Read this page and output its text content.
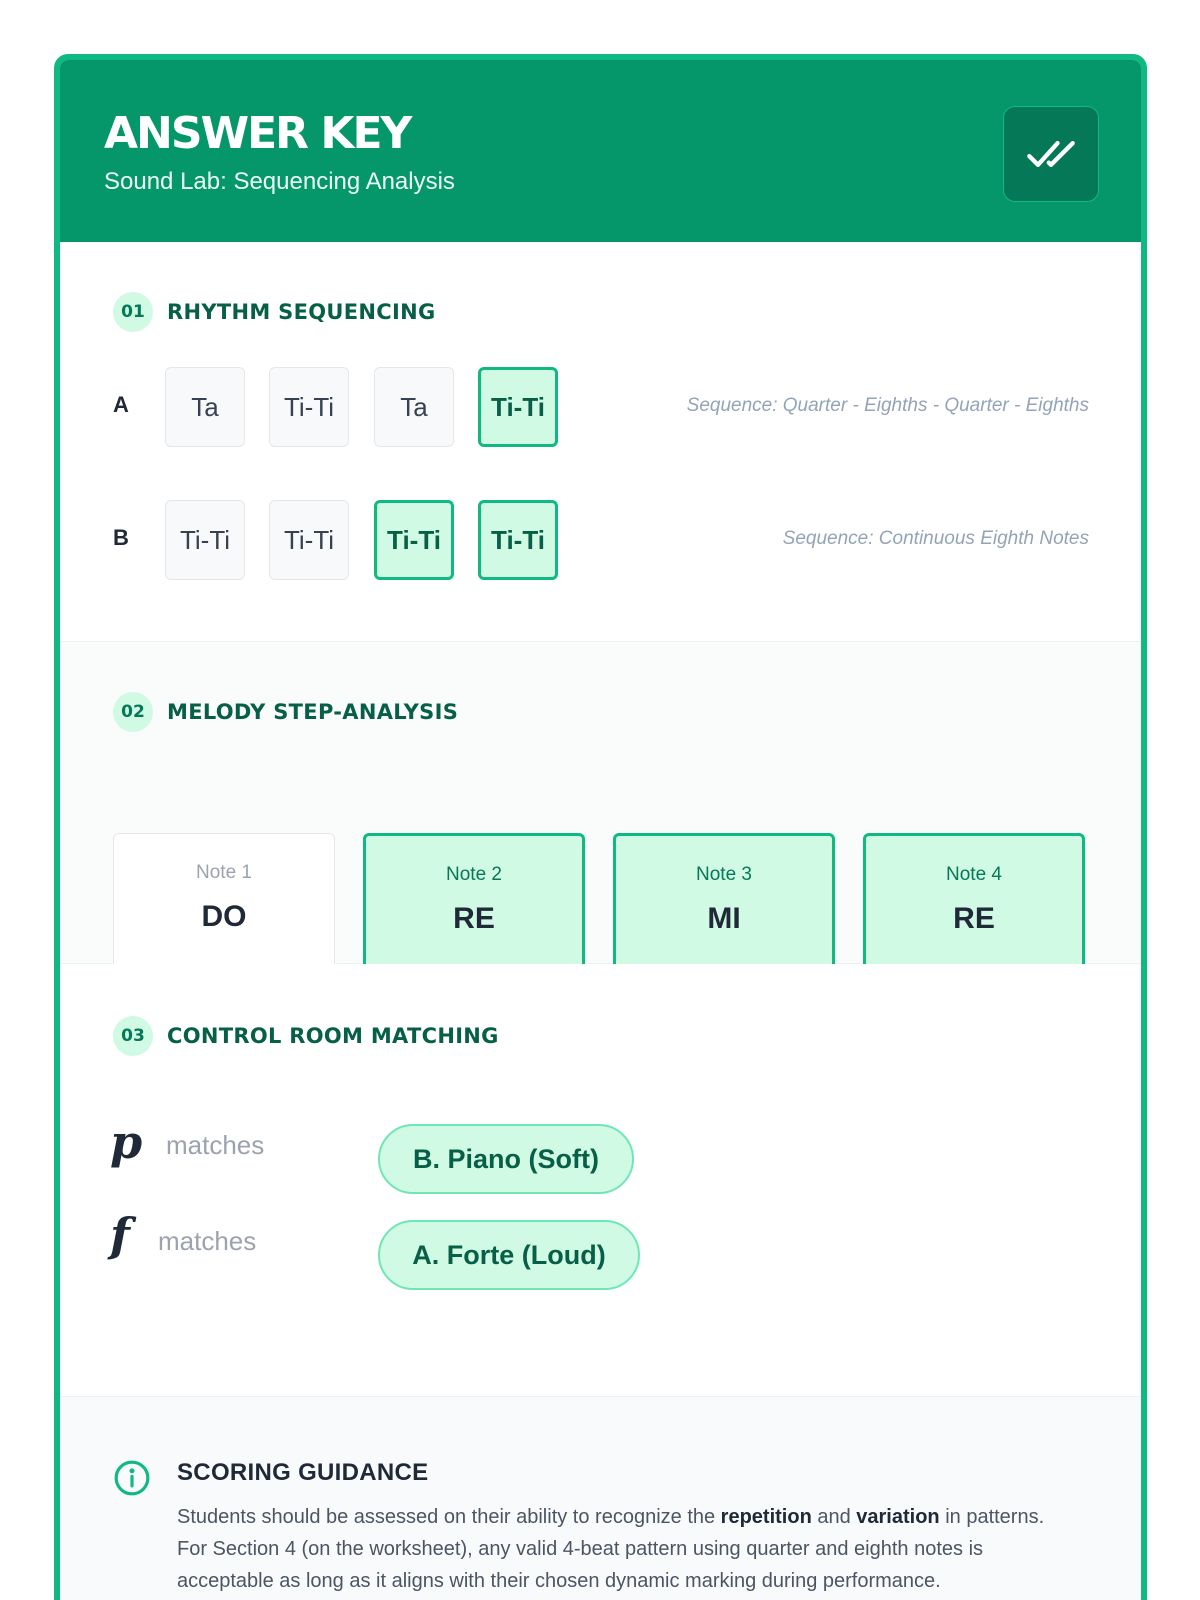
ANSWER KEY
Sound Lab: Sequencing Analysis
01	RHYTHM SEQUENCING
A	Ta	Ti-Ti	Ta	Ti-Ti	Sequence: Quarter - Eighths - Quarter - Eighths
B	Ti-Ti	Ti-Ti	Ti-Ti	Ti-Ti	Sequence: Continuous Eighth Notes
02	MELODY STEP-ANALYSIS
Note 1
DO
Note 2
RE
Note 3
MI
Note 4
RE
03	CONTROL ROOM MATCHING
p matches	B. Piano (Soft)
f matches	A. Forte (Loud)
SCORING GUIDANCE
Students should be assessed on their ability to recognize the repetition and variation in patterns. For Section 4 (on the worksheet), any valid 4-beat pattern using quarter and eighth notes is acceptable as long as it aligns with their chosen dynamic marking during performance.
